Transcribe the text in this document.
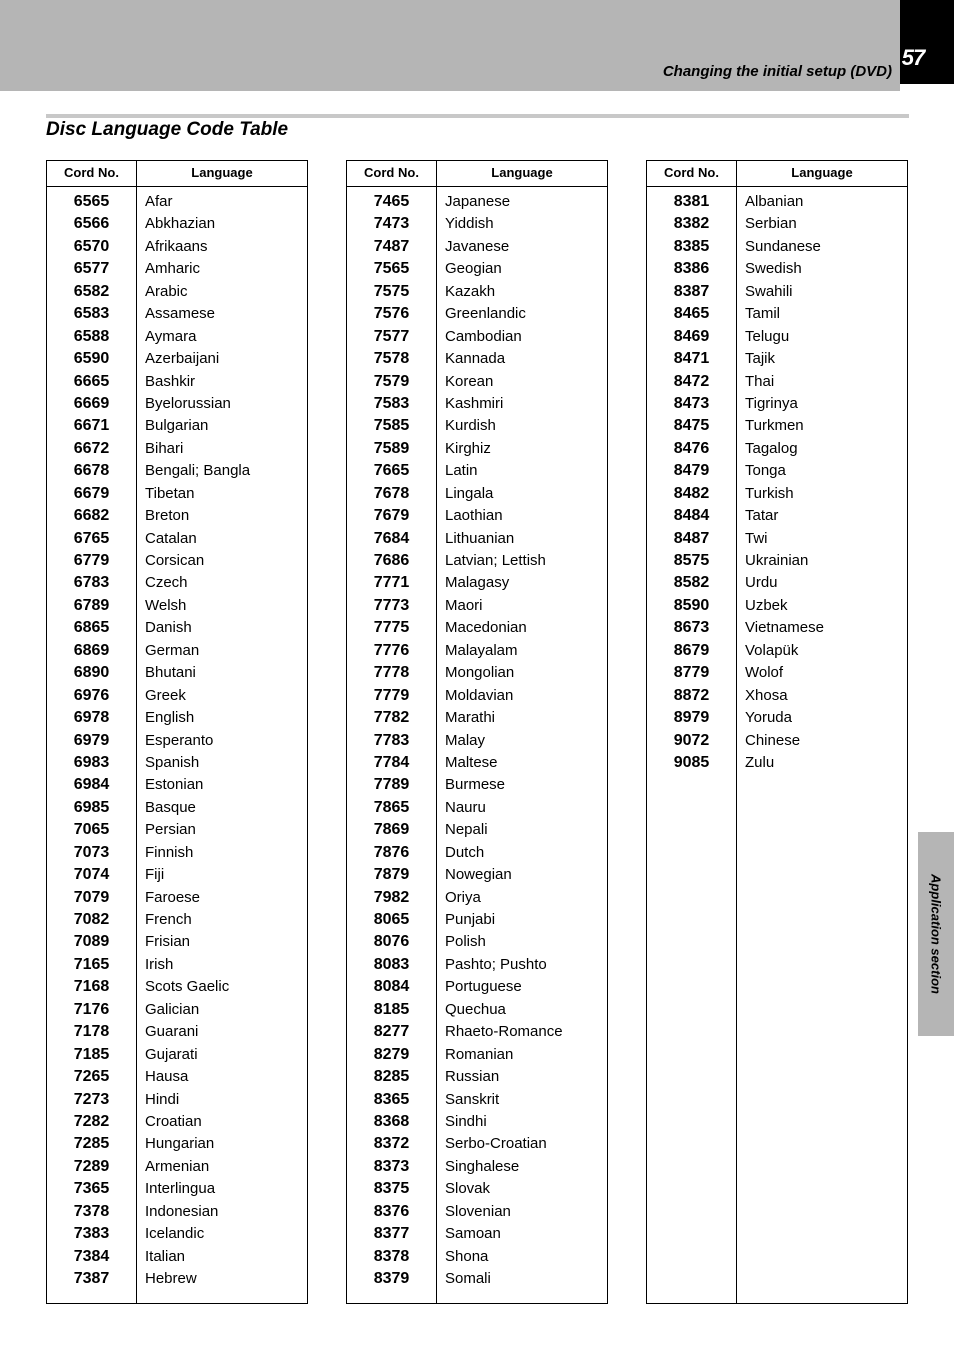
Changing the initial setup (DVD)
57
Disc Language Code Table
Cord No.	Language
6565	Afar
6566	Abkhazian
6570	Afrikaans
6577	Amharic
6582	Arabic
6583	Assamese
6588	Aymara
6590	Azerbaijani
6665	Bashkir
6669	Byelorussian
6671	Bulgarian
6672	Bihari
6678	Bengali; Bangla
6679	Tibetan
6682	Breton
6765	Catalan
6779	Corsican
6783	Czech
6789	Welsh
6865	Danish
6869	German
6890	Bhutani
6976	Greek
6978	English
6979	Esperanto
6983	Spanish
6984	Estonian
6985	Basque
7065	Persian
7073	Finnish
7074	Fiji
7079	Faroese
7082	French
7089	Frisian
7165	Irish
7168	Scots Gaelic
7176	Galician
7178	Guarani
7185	Gujarati
7265	Hausa
7273	Hindi
7282	Croatian
7285	Hungarian
7289	Armenian
7365	Interlingua
7378	Indonesian
7383	Icelandic
7384	Italian
7387	Hebrew
Cord No.	Language
7465	Japanese
7473	Yiddish
7487	Javanese
7565	Geogian
7575	Kazakh
7576	Greenlandic
7577	Cambodian
7578	Kannada
7579	Korean
7583	Kashmiri
7585	Kurdish
7589	Kirghiz
7665	Latin
7678	Lingala
7679	Laothian
7684	Lithuanian
7686	Latvian; Lettish
7771	Malagasy
7773	Maori
7775	Macedonian
7776	Malayalam
7778	Mongolian
7779	Moldavian
7782	Marathi
7783	Malay
7784	Maltese
7789	Burmese
7865	Nauru
7869	Nepali
7876	Dutch
7879	Nowegian
7982	Oriya
8065	Punjabi
8076	Polish
8083	Pashto; Pushto
8084	Portuguese
8185	Quechua
8277	Rhaeto-Romance
8279	Romanian
8285	Russian
8365	Sanskrit
8368	Sindhi
8372	Serbo-Croatian
8373	Singhalese
8375	Slovak
8376	Slovenian
8377	Samoan
8378	Shona
8379	Somali
Cord No.	Language
8381	Albanian
8382	Serbian
8385	Sundanese
8386	Swedish
8387	Swahili
8465	Tamil
8469	Telugu
8471	Tajik
8472	Thai
8473	Tigrinya
8475	Turkmen
8476	Tagalog
8479	Tonga
8482	Turkish
8484	Tatar
8487	Twi
8575	Ukrainian
8582	Urdu
8590	Uzbek
8673	Vietnamese
8679	Volapük
8779	Wolof
8872	Xhosa
8979	Yoruda
9072	Chinese
9085	Zulu
Application section
